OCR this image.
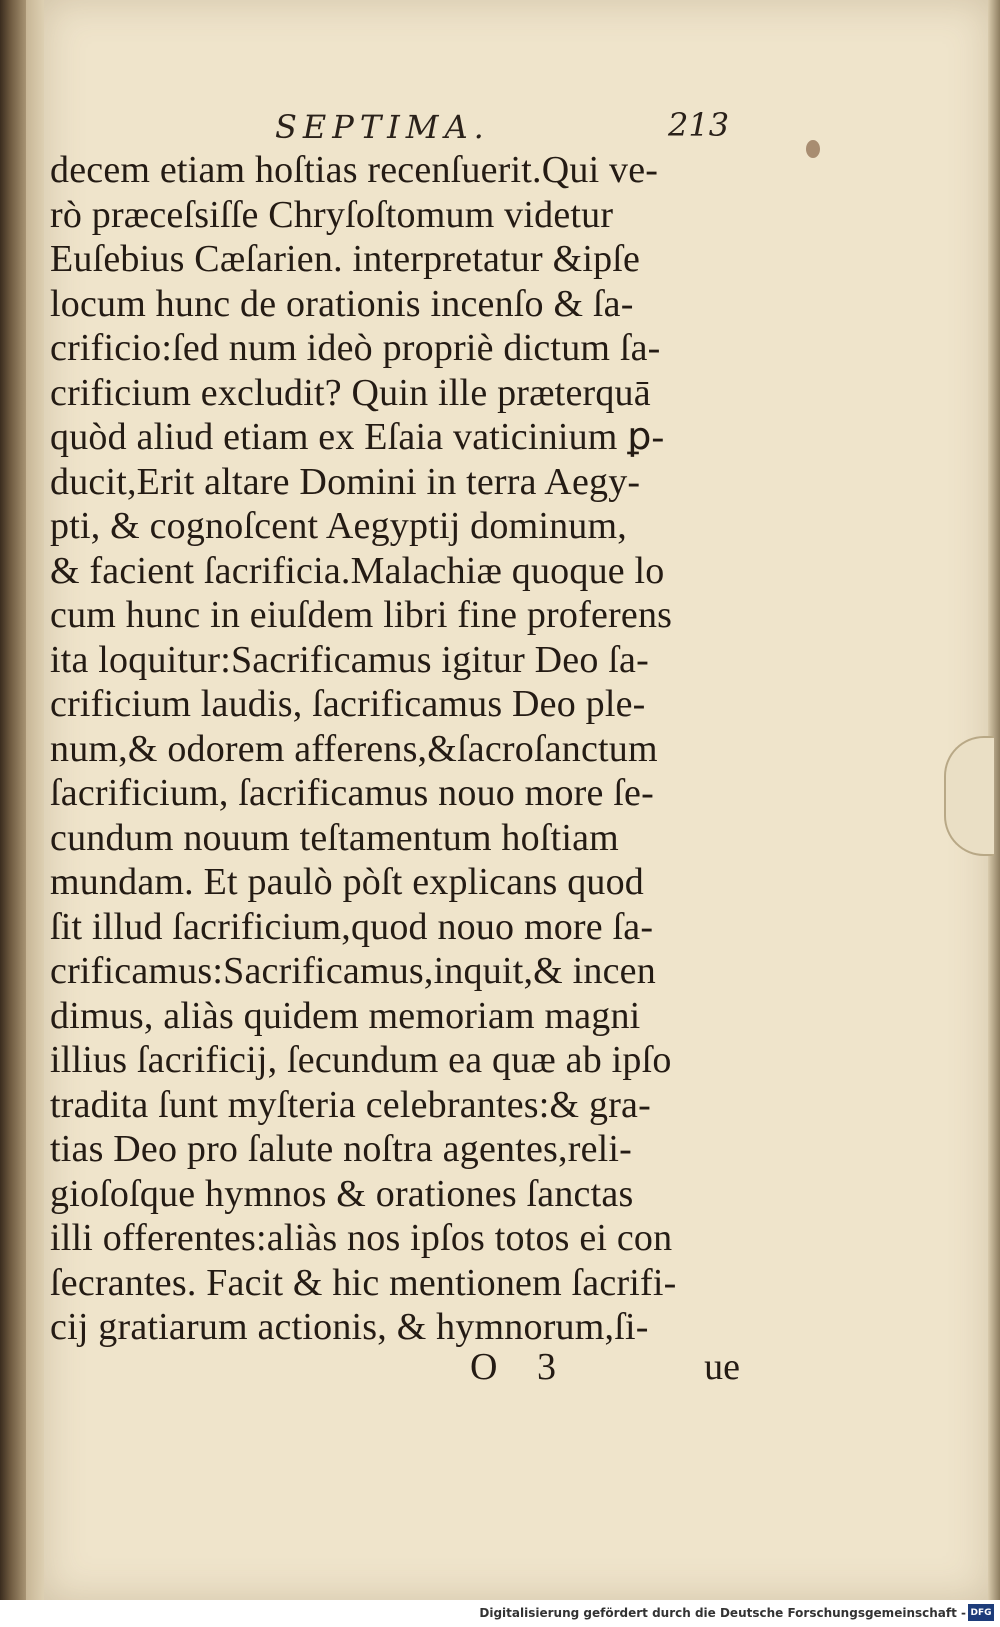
SEPTIMA.	213
decem etiam hoſtias recenſuerit.Qui ve-
rò præceſsiſſe Chryſoſtomum videtur
Euſebius Cæſarien. interpretatur &ipſe
locum hunc de orationis incenſo & ſa-
crificio:ſed num ideò propriè dictum ſa-
crificium excludit? Quin ille præterquā
quòd aliud etiam ex Eſaia vaticinium ꝑ-
ducit,Erit altare Domini in terra Aegy-
pti, & cognoſcent Aegyptij dominum,
& facient ſacrificia.Malachiæ quoque lo
cum hunc in eiuſdem libri fine proferens
ita loquitur:Sacrificamus igitur Deo ſa-
crificium laudis, ſacrificamus Deo ple-
num,& odorem afferens,&ſacroſanctum
ſacrificium, ſacrificamus nouo more ſe-
cundum nouum teſtamentum hoſtiam
mundam. Et paulò pòſt explicans quod
ſit illud ſacrificium,quod nouo more ſa-
crificamus:Sacrificamus,inquit,& incen
dimus, aliàs quidem memoriam magni
illius ſacrificij, ſecundum ea quæ ab ipſo
tradita ſunt myſteria celebrantes:& gra-
tias Deo pro ſalute noſtra agentes,reli-
gioſoſque hymnos & orationes ſanctas
illi offerentes:aliàs nos ipſos totos ei con
ſecrantes. Facit & hic mentionem ſacrifi-
cij gratiarum actionis, & hymnorum,ſi-
O 3	ue
Digitalisierung gefördert durch die Deutsche Forschungsgemeinschaft - DFG
